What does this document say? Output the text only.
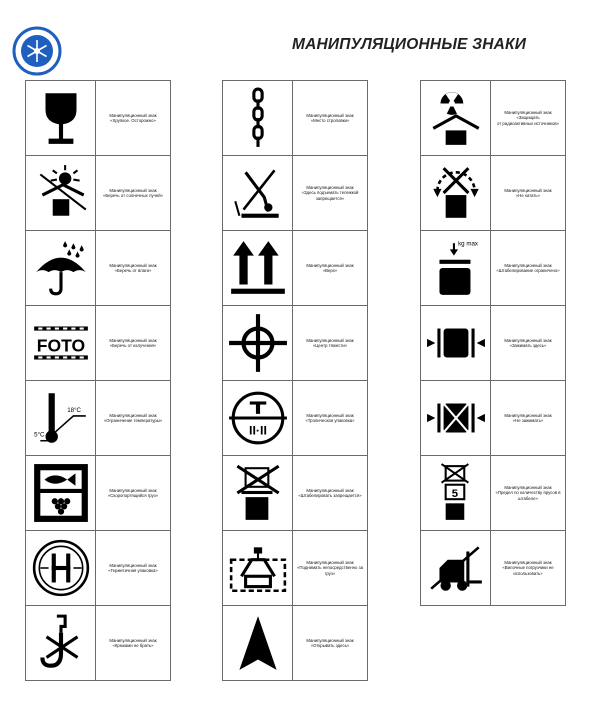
МАНИПУЛЯЦИОННЫЕ ЗНАКИ
Манипуляционный знак
«Хрупкое. Осторожно»
Манипуляционный знак
«Беречь от солнечных лучей»
Манипуляционный знак
«Беречь от влаги»
FOTO	Манипуляционный знак
«Беречь от излучения»
18°C
5°C
Манипуляционный знак
«Ограничение температуры»
Манипуляционный знак
«Скоропортящийся груз»
Манипуляционный знак
«Герметичная упаковка»
Манипуляционный знак
«Крюками не брать»
Манипуляционный знак
«Место строповки»
Манипуляционный знак
«Здесь подъемать тележкой запрещается»
Манипуляционный знак
«Верх»
Манипуляционный знак
«Центр тяжести»
II·II
Манипуляционный знак
«Тропическая упаковка»
Манипуляционный знак
«Штабелировать запрещается»
Манипуляционный знак
«Поднимать непосредственно за груз»
Манипуляционный знак
«Открывать здесь»
Манипуляционный знак
«Защищать
от радиоактивных источников»
Манипуляционный знак
«Не катать»
kg max
Манипуляционный знак
«Штабелирование ограничено»
Манипуляционный знак
«Зажимать здесь»
Манипуляционный знак
«Не зажимать»
5
Манипуляционный знак
«Предел по количеству ярусов в штабеле»
Манипуляционный знак
«Вилочные погрузчики не использовать»
